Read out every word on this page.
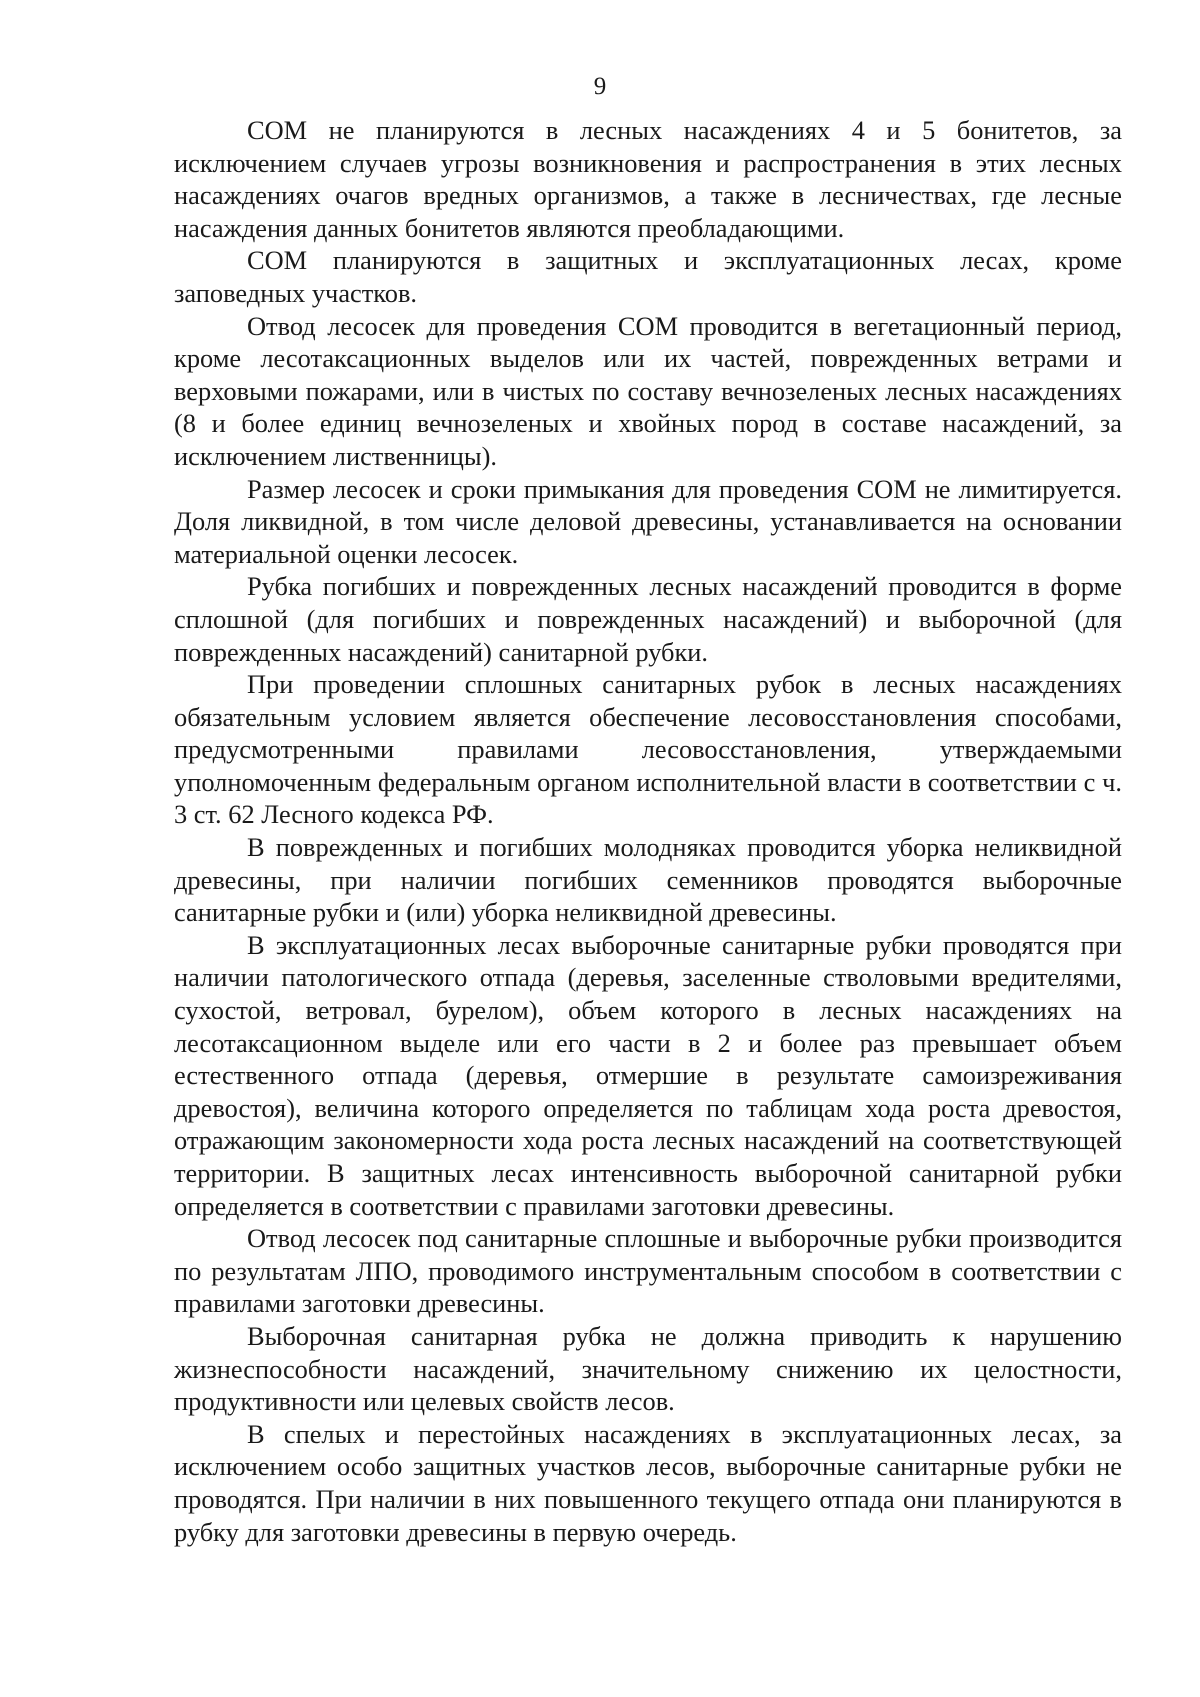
9

СОМ не планируются в лесных насаждениях 4 и 5 бонитетов, за исключением случаев угрозы возникновения и распространения в этих лесных насаждениях очагов вредных организмов, а также в лесничествах, где лесные насаждения данных бонитетов являются преобладающими.

СОМ планируются в защитных и эксплуатационных лесах, кроме заповедных участков.

Отвод лесосек для проведения СОМ проводится в вегетационный период, кроме лесотаксационных выделов или их частей, поврежденных ветрами и верховыми пожарами, или в чистых по составу вечнозеленых лесных насаждениях (8 и более единиц вечнозеленых и хвойных пород в составе насаждений, за исключением лиственницы).

Размер лесосек и сроки примыкания для проведения СОМ не лимитируется. Доля ликвидной, в том числе деловой древесины, устанавливается на основании материальной оценки лесосек.

Рубка погибших и поврежденных лесных насаждений проводится в форме сплошной (для погибших и поврежденных насаждений) и выборочной (для поврежденных насаждений) санитарной рубки.

При проведении сплошных санитарных рубок в лесных насаждениях обязательным условием является обеспечение лесовосстановления способами, предусмотренными правилами лесовосстановления, утверждаемыми уполномоченным федеральным органом исполнительной власти в соответствии с ч. 3 ст. 62 Лесного кодекса РФ.

В поврежденных и погибших молодняках проводится уборка неликвидной древесины, при наличии погибших семенников проводятся выборочные санитарные рубки и (или) уборка неликвидной древесины.

В эксплуатационных лесах выборочные санитарные рубки проводятся при наличии патологического отпада (деревья, заселенные стволовыми вредителями, сухостой, ветровал, бурелом), объем которого в лесных насаждениях на лесотаксационном выделе или его части в 2 и более раз превышает объем естественного отпада (деревья, отмершие в результате самоизреживания древостоя), величина которого определяется по таблицам хода роста древостоя, отражающим закономерности хода роста лесных насаждений на соответствующей территории. В защитных лесах интенсивность выборочной санитарной рубки определяется в соответствии с правилами заготовки древесины.

Отвод лесосек под санитарные сплошные и выборочные рубки производится по результатам ЛПО, проводимого инструментальным способом в соответствии с правилами заготовки древесины.

Выборочная санитарная рубка не должна приводить к нарушению жизнеспособности насаждений, значительному снижению их целостности, продуктивности или целевых свойств лесов.

В спелых и перестойных насаждениях в эксплуатационных лесах, за исключением особо защитных участков лесов, выборочные санитарные рубки не проводятся. При наличии в них повышенного текущего отпада они планируются в рубку для заготовки древесины в первую очередь.
